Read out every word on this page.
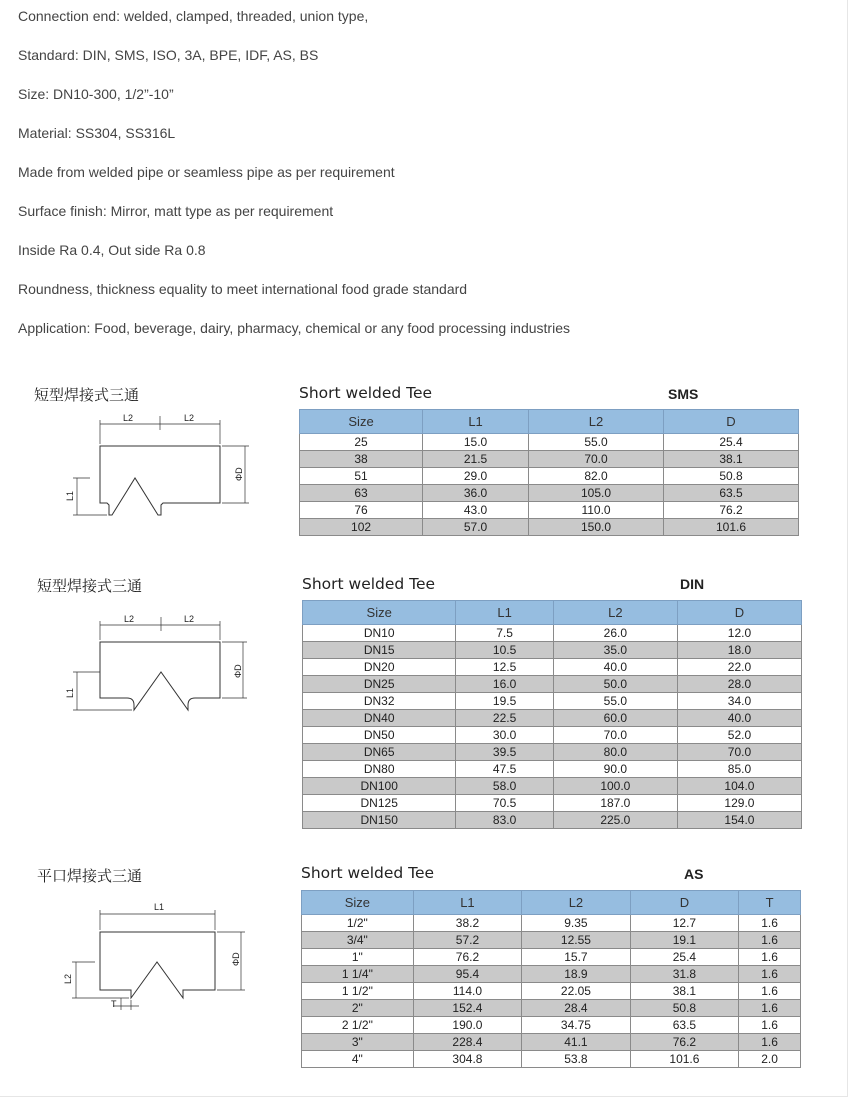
Connection end: welded, clamped, threaded, union type,

Standard: DIN, SMS, ISO, 3A, BPE, IDF, AS, BS

Size: DN10-300, 1/2”-10”

Material: SS304, SS316L

Made from welded pipe or seamless pipe as per requirement

Surface finish: Mirror, matt type as per requirement

Inside Ra 0.4, Out side Ra 0.8

Roundness, thickness equality to meet international food grade standard

Application: Food, beverage, dairy, pharmacy, chemical or any food processing industries

短型焊接式三通
L2	L2
L1
ΦD
Short welded Tee	SMS
Size	L1	L2	D
25	15.0	55.0	25.4
38	21.5	70.0	38.1
51	29.0	82.0	50.8
63	36.0	105.0	63.5
76	43.0	110.0	76.2
102	57.0	150.0	101.6
短型焊接式三通
L2	L2
L1
ΦD
Short welded Tee	DIN
Size	L1	L2	D
DN10	7.5	26.0	12.0
DN15	10.5	35.0	18.0
DN20	12.5	40.0	22.0
DN25	16.0	50.0	28.0
DN32	19.5	55.0	34.0
DN40	22.5	60.0	40.0
DN50	30.0	70.0	52.0
DN65	39.5	80.0	70.0
DN80	47.5	90.0	85.0
DN100	58.0	100.0	104.0
DN125	70.5	187.0	129.0
DN150	83.0	225.0	154.0
平口焊接式三通
L1
L2
T
ΦD
Short welded Tee	AS
Size	L1	L2	D	T
1/2"	38.2	9.35	12.7	1.6
3/4"	57.2	12.55	19.1	1.6
1"	76.2	15.7	25.4	1.6
1 1/4"	95.4	18.9	31.8	1.6
1 1/2"	114.0	22.05	38.1	1.6
2"	152.4	28.4	50.8	1.6
2 1/2"	190.0	34.75	63.5	1.6
3"	228.4	41.1	76.2	1.6
4"	304.8	53.8	101.6	2.0
